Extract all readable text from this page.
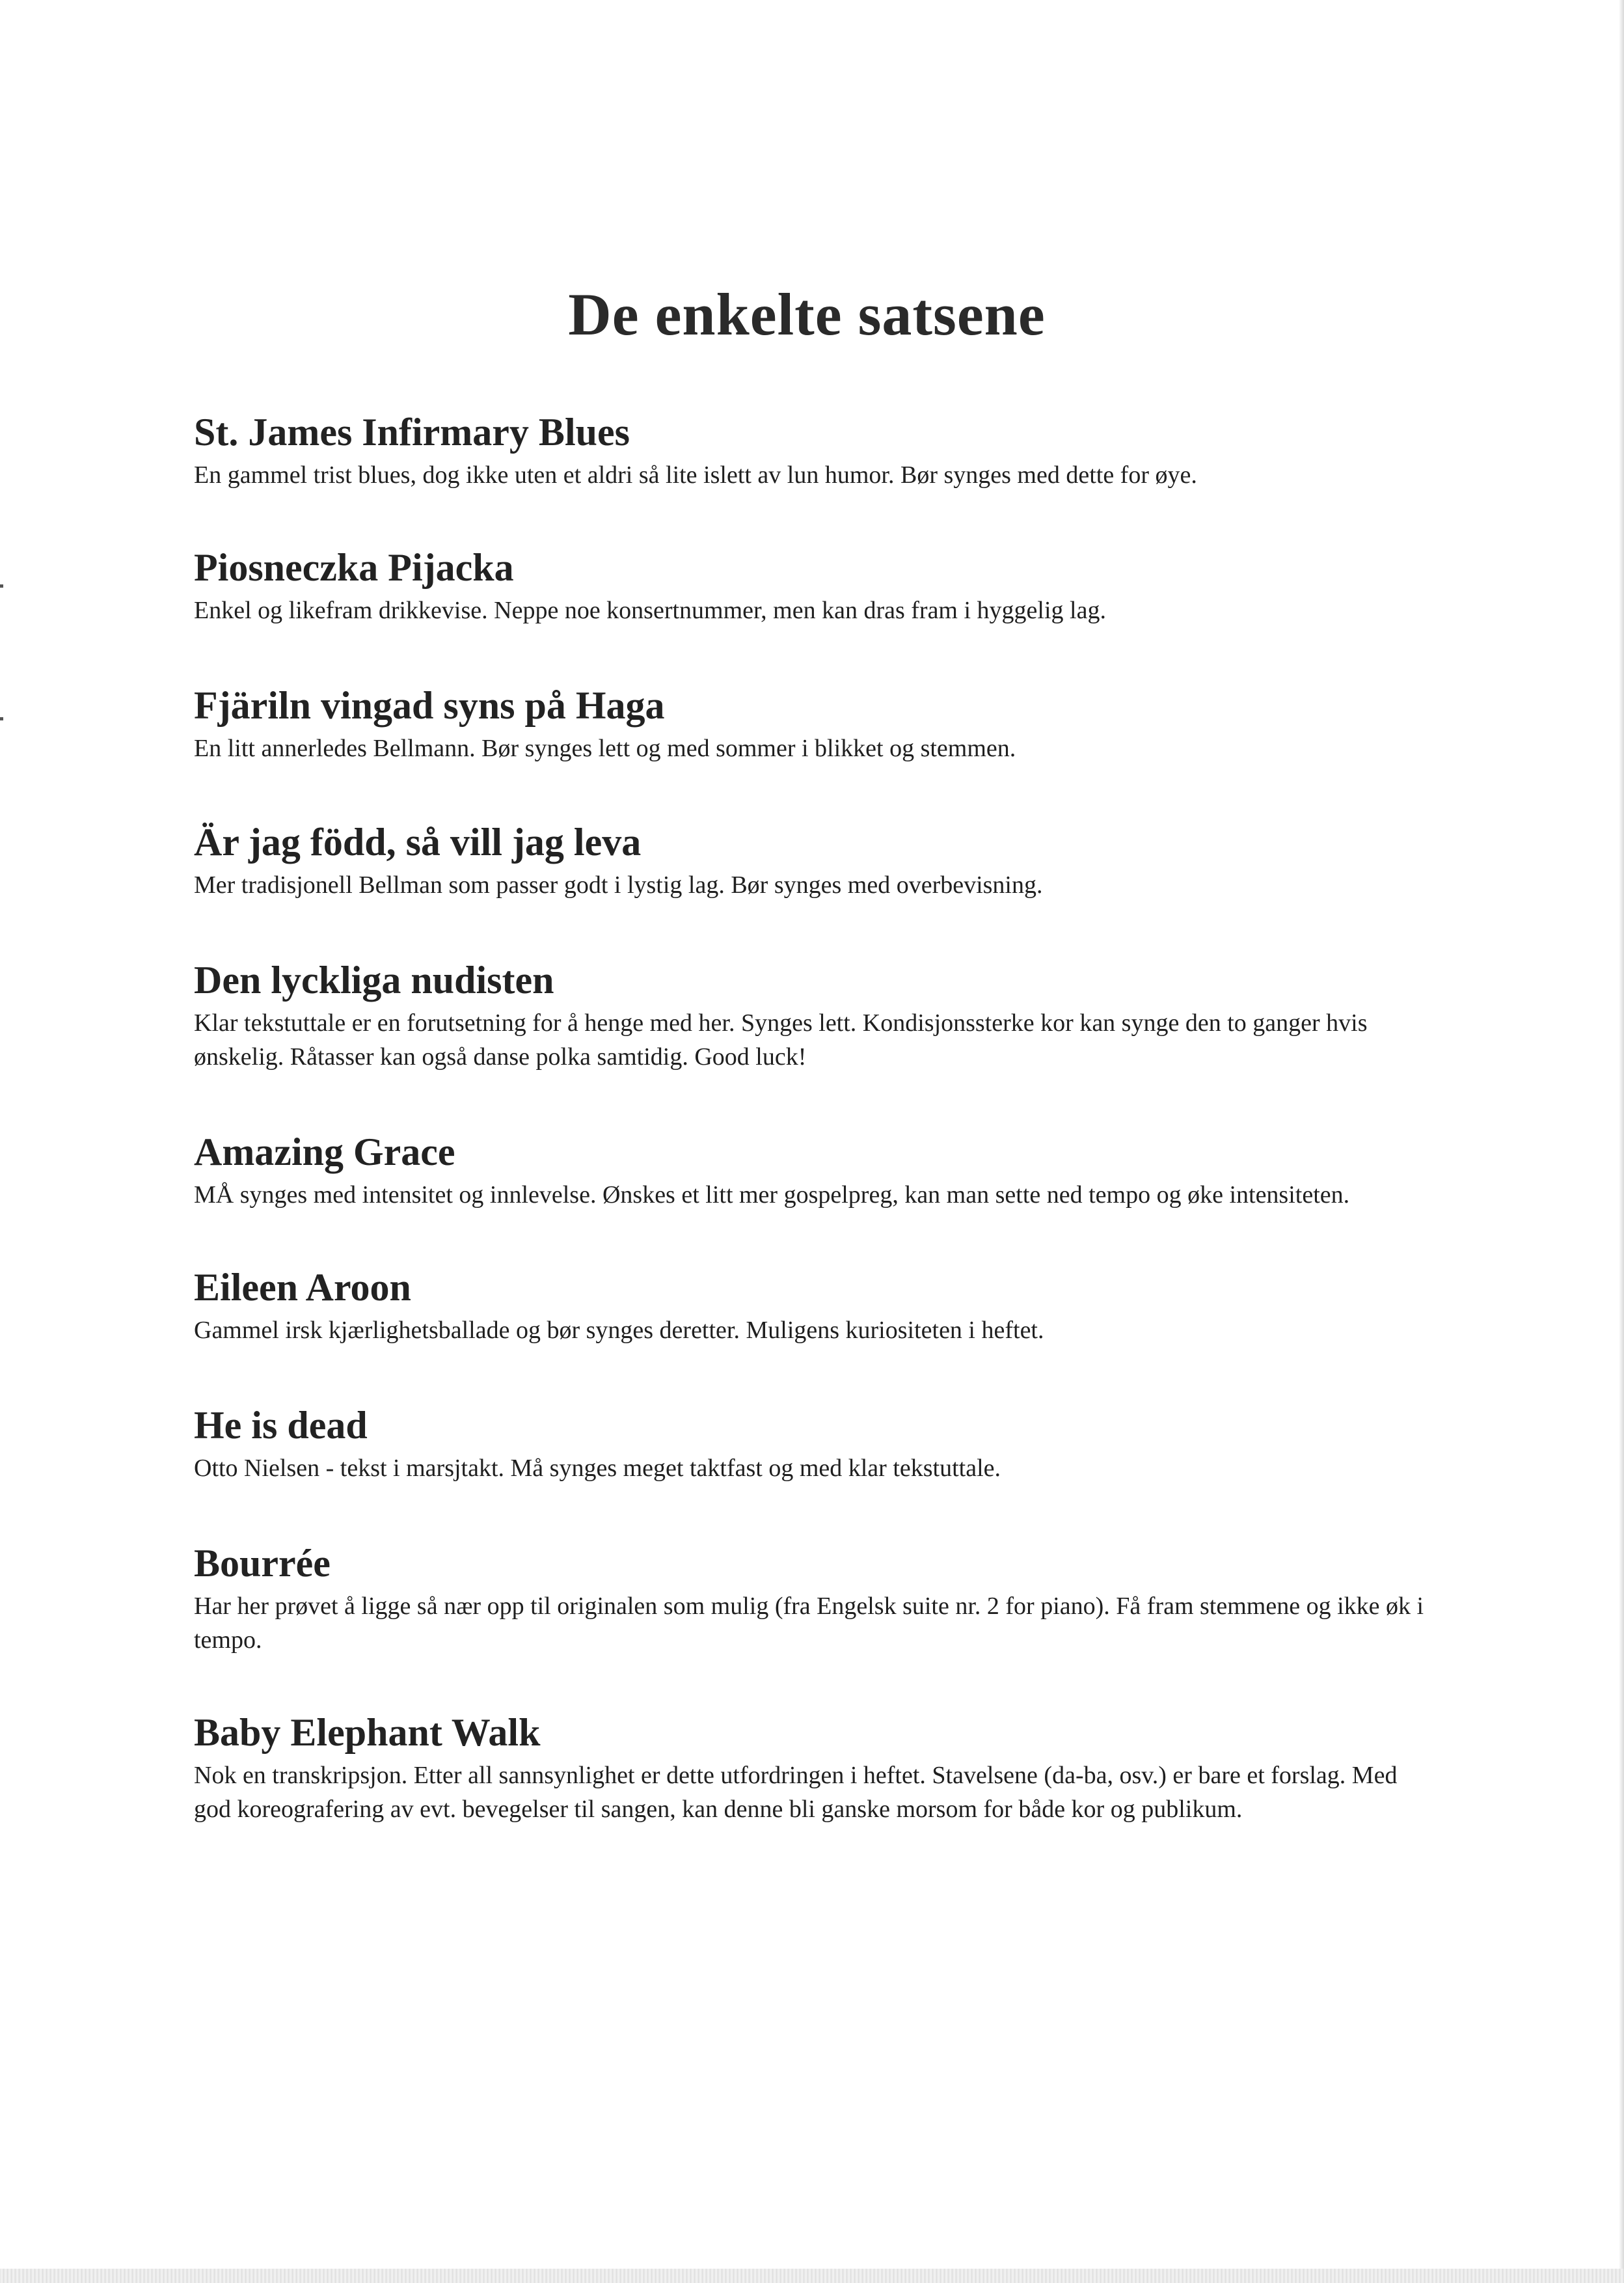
De enkelte satsene
St. James Infirmary Blues

En gammel trist blues, dog ikke uten et aldri så lite islett av lun humor. Bør synges med dette for øye.

Piosneczka Pijacka

Enkel og likefram drikkevise. Neppe noe konsertnummer, men kan dras fram i hyggelig lag.

Fjäriln vingad syns på Haga

En litt annerledes Bellmann. Bør synges lett og med sommer i blikket og stemmen.

Är jag född, så vill jag leva

Mer tradisjonell Bellman som passer godt i lystig lag. Bør synges med overbevisning.

Den lyckliga nudisten

Klar tekstuttale er en forutsetning for å henge med her. Synges lett. Kondisjonssterke kor kan synge den to ganger hvis ønskelig. Råtasser kan også danse polka samtidig. Good luck!

Amazing Grace

MÅ synges med intensitet og innlevelse. Ønskes et litt mer gospelpreg, kan man sette ned tempo og øke intensiteten.

Eileen Aroon

Gammel irsk kjærlighetsballade og bør synges deretter. Muligens kuriositeten i heftet.

He is dead

Otto Nielsen - tekst i marsjtakt. Må synges meget taktfast og med klar tekstuttale.

Bourrée

Har her prøvet å ligge så nær opp til originalen som mulig (fra Engelsk suite nr. 2 for piano). Få fram stemmene og ikke øk i tempo.

Baby Elephant Walk

Nok en transkripsjon. Etter all sannsynlighet er dette utfordringen i heftet. Stavelsene (da-ba, osv.) er bare et forslag. Med god koreografering av evt. bevegelser til sangen, kan denne bli ganske morsom for både kor og publikum.
